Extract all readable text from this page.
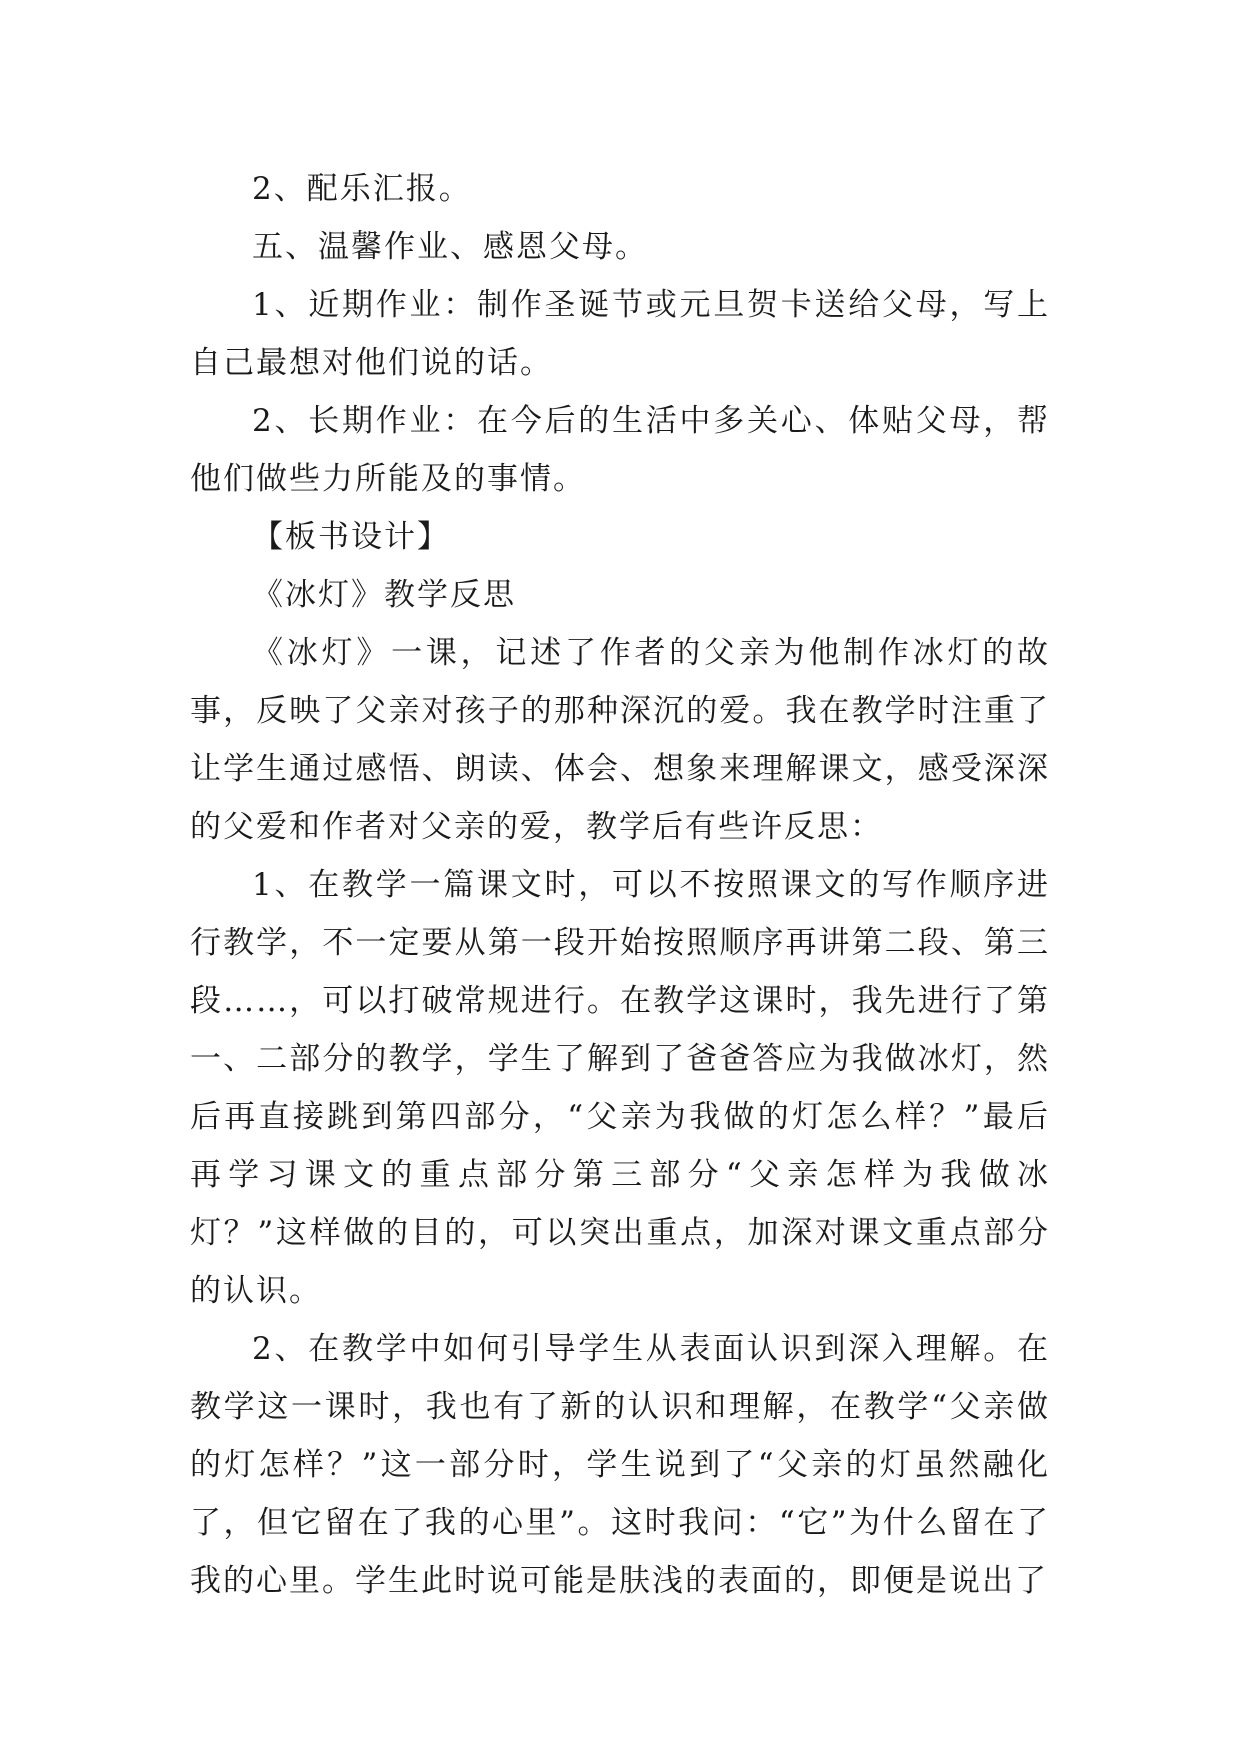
2、配乐汇报。

五、温馨作业、感恩父母。

1、近期作业：制作圣诞节或元旦贺卡送给父母，写上自己最想对他们说的话。

2、长期作业：在今后的生活中多关心、体贴父母，帮他们做些力所能及的事情。

【板书设计】

《冰灯》教学反思

《冰灯》一课，记述了作者的父亲为他制作冰灯的故事，反映了父亲对孩子的那种深沉的爱。我在教学时注重了让学生通过感悟、朗读、体会、想象来理解课文，感受深深的父爱和作者对父亲的爱，教学后有些许反思：

1、在教学一篇课文时，可以不按照课文的写作顺序进行教学，不一定要从第一段开始按照顺序再讲第二段、第三段……，可以打破常规进行。在教学这课时，我先进行了第一、二部分的教学，学生了解到了爸爸答应为我做冰灯，然后再直接跳到第四部分，“父亲为我做的灯怎么样？”最后再学习课文的重点部分第三部分“父亲怎样为我做冰灯？”这样做的目的，可以突出重点，加深对课文重点部分的认识。

2、在教学中如何引导学生从表面认识到深入理解。在教学这一课时，我也有了新的认识和理解，在教学“父亲做的灯怎样？”这一部分时，学生说到了“父亲的灯虽然融化了，但它留在了我的心里”。这时我问：“它”为什么留在了我的心里。学生此时说可能是肤浅的表面的，即便是说出了
